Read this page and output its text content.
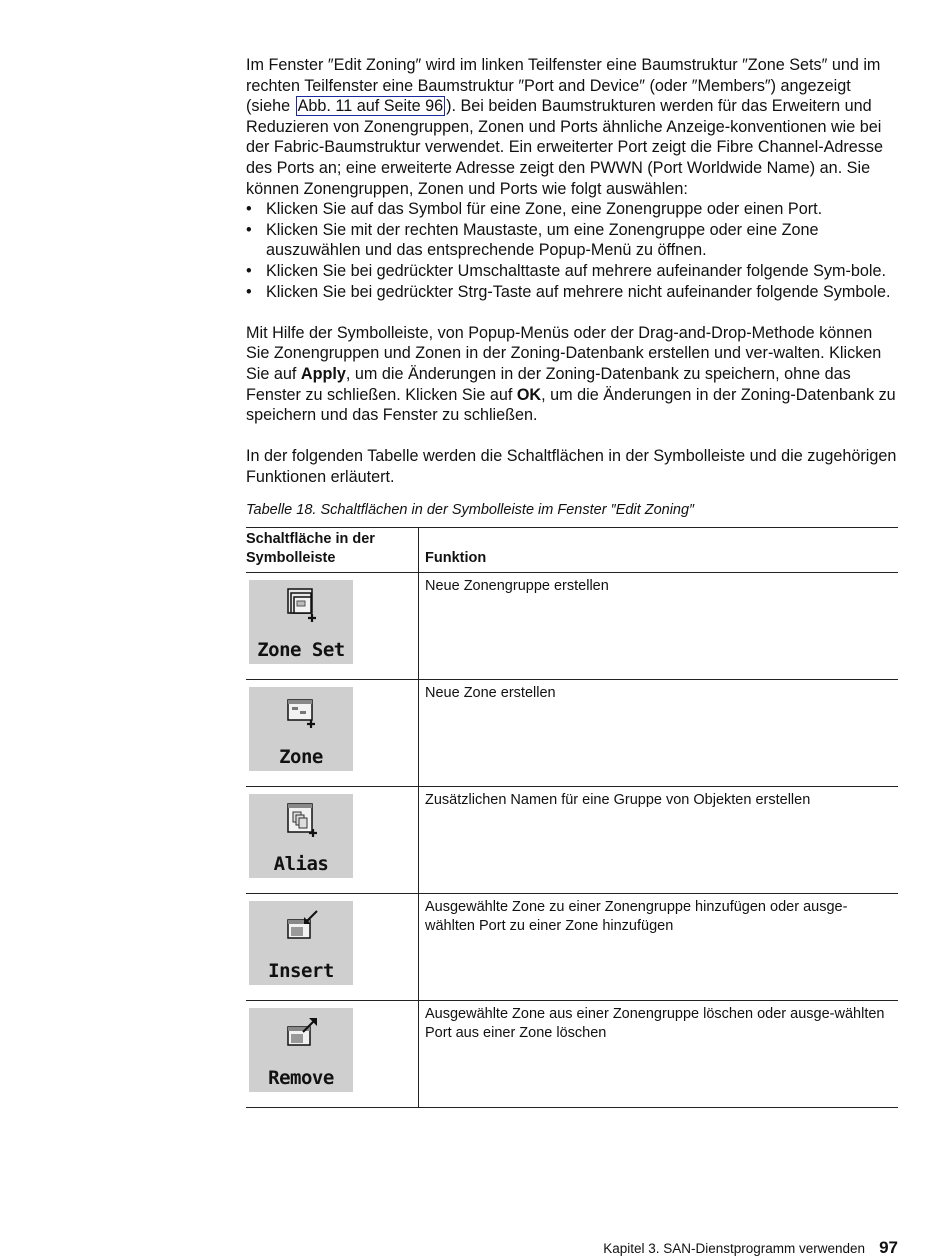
Im Fenster ″Edit Zoning″ wird im linken Teilfenster eine Baumstruktur ″Zone Sets″ und im rechten Teilfenster eine Baumstruktur ″Port and Device″ (oder ″Members″) angezeigt (siehe Abb. 11 auf Seite 96 ). Bei beiden Baumstrukturen werden für das Erweitern und Reduzieren von Zonengruppen, Zonen und Ports ähnliche Anzeige-konventionen wie bei der Fabric-Baumstruktur verwendet. Ein erweiterter Port zeigt die Fibre Channel-Adresse des Ports an; eine erweiterte Adresse zeigt den PWWN (Port Worldwide Name) an. Sie können Zonengruppen, Zonen und Ports wie folgt auswählen:

• Klicken Sie auf das Symbol für eine Zone, eine Zonengruppe oder einen Port.
• Klicken Sie mit der rechten Maustaste, um eine Zonengruppe oder eine Zone auszuwählen und das entsprechende Popup-Menü zu öffnen.
• Klicken Sie bei gedrückter Umschalttaste auf mehrere aufeinander folgende Sym-bole.
• Klicken Sie bei gedrückter Strg-Taste auf mehrere nicht aufeinander folgende Symbole.

Mit Hilfe der Symbolleiste, von Popup-Menüs oder der Drag-and-Drop-Methode können Sie Zonengruppen und Zonen in der Zoning-Datenbank erstellen und ver-walten. Klicken Sie auf Apply, um die Änderungen in der Zoning-Datenbank zu speichern, ohne das Fenster zu schließen. Klicken Sie auf OK, um die Änderungen in der Zoning-Datenbank zu speichern und das Fenster zu schließen.

In der folgenden Tabelle werden die Schaltflächen in der Symbolleiste und die zugehörigen Funktionen erläutert.

Tabelle 18. Schaltflächen in der Symbolleiste im Fenster ″Edit Zoning″
Schaltfläche in der
Symbolleiste	Funktion

Zone Set	Neue Zonengruppe erstellen

Zone	Neue Zone erstellen

Alias	Zusätzlichen Namen für eine Gruppe von Objekten erstellen

Insert	Ausgewählte Zone zu einer Zonengruppe hinzufügen oder ausge-wählten Port zu einer Zone hinzufügen

Remove	Ausgewählte Zone aus einer Zonengruppe löschen oder ausge-wählten Port aus einer Zone löschen
Kapitel 3. SAN-Dienstprogramm verwenden 97
